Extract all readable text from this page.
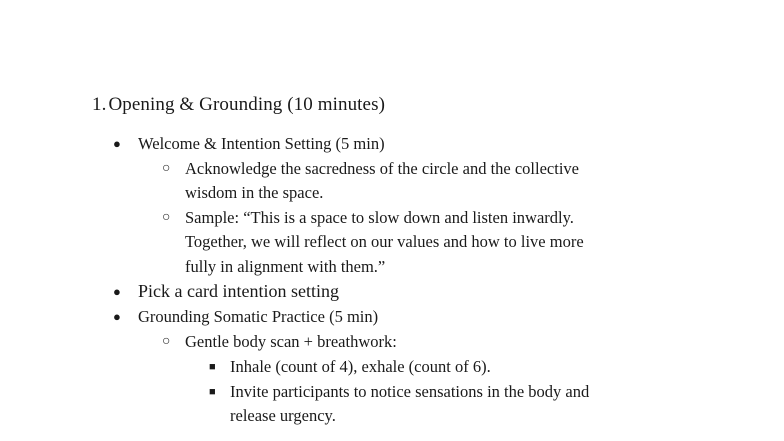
1. Opening & Grounding (10 minutes)
● Welcome & Intention Setting (5 min)
○ Acknowledge the sacredness of the circle and the collective
wisdom in the space.
○ Sample: “This is a space to slow down and listen inwardly.
Together, we will reflect on our values and how to live more
fully in alignment with them.”
● Pick a card intention setting
● Grounding Somatic Practice (5 min)
○ Gentle body scan + breathwork:
■ Inhale (count of 4), exhale (count of 6).
■ Invite participants to notice sensations in the body and
release urgency.
